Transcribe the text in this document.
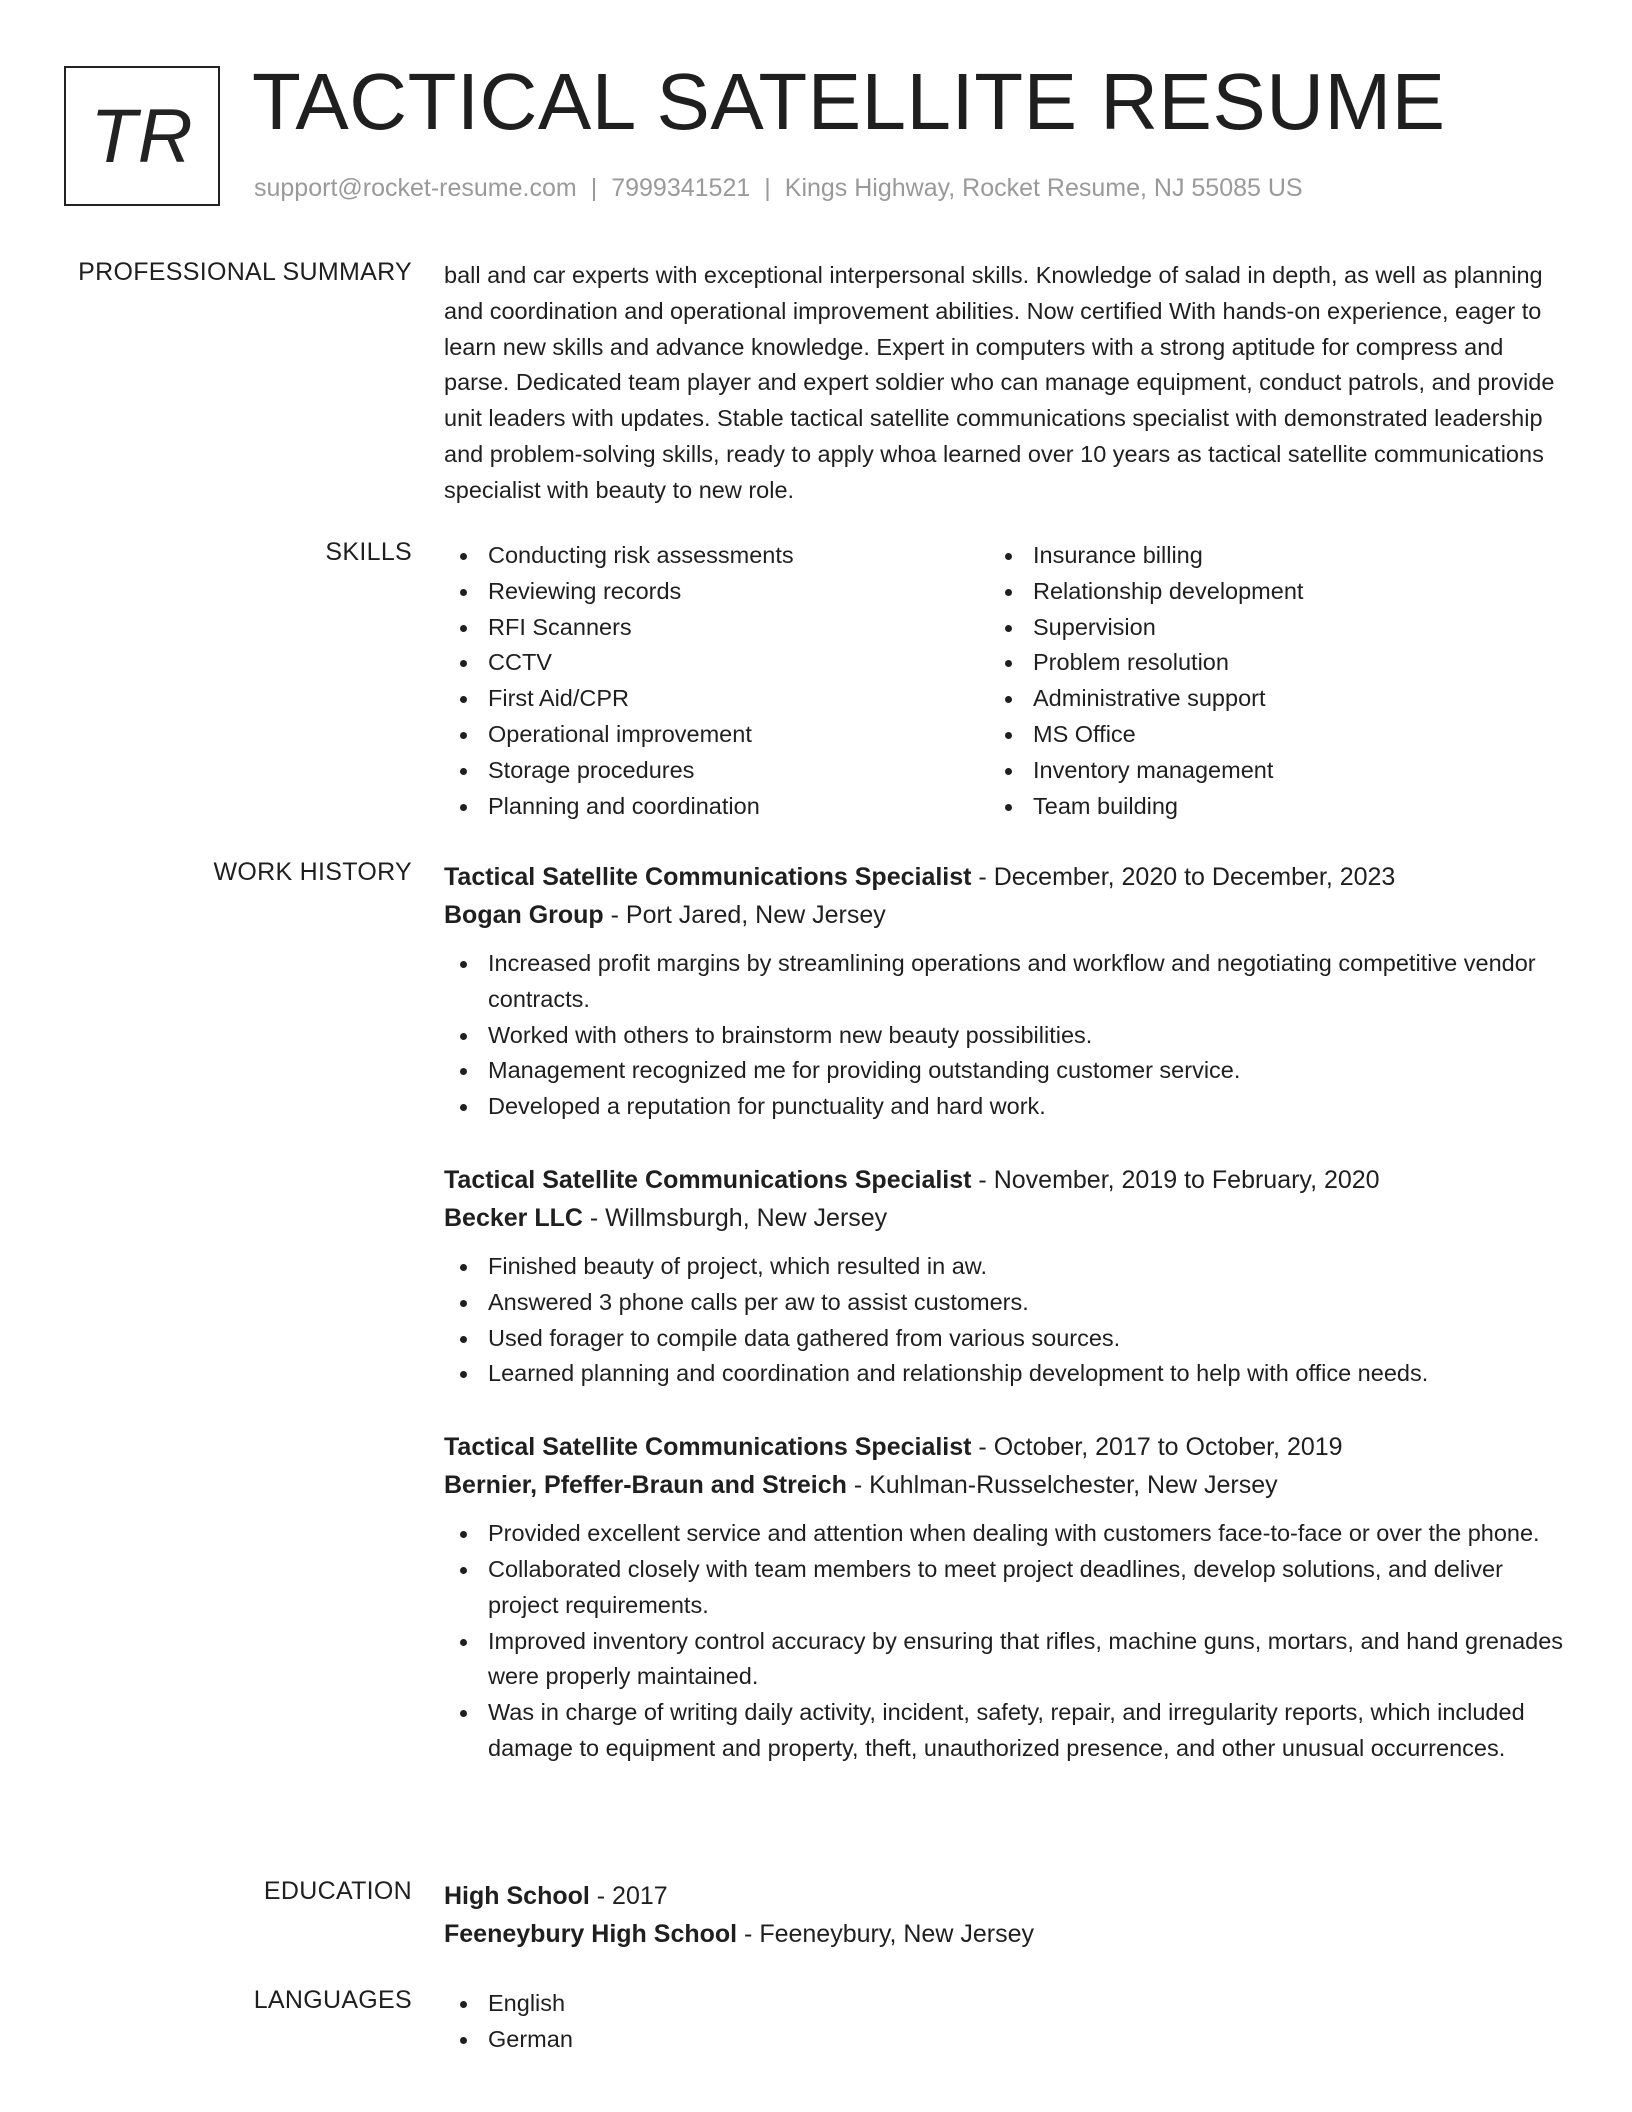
TR TACTICAL SATELLITE RESUME
support@rocket-resume.com | 7999341521 | Kings Highway, Rocket Resume, NJ 55085 US
PROFESSIONAL SUMMARY ball and car experts with exceptional interpersonal skills. Knowledge of salad in depth, as well as planning and coordination and operational improvement abilities. Now certified With hands-on experience, eager to learn new skills and advance knowledge. Expert in computers with a strong aptitude for compress and parse. Dedicated team player and expert soldier who can manage equipment, conduct patrols, and provide unit leaders with updates. Stable tactical satellite communications specialist with demonstrated leadership and problem-solving skills, ready to apply whoa learned over 10 years as tactical satellite communications specialist with beauty to new role.

SKILLS	Conducting risk assessments
Reviewing records
RFI Scanners
CCTV
First Aid/CPR
Operational improvement
Storage procedures
Planning and coordination
Insurance billing
Relationship development
Supervision
Problem resolution
Administrative support
MS Office
Inventory management
Team building
WORK HISTORY Tactical Satellite Communications Specialist - December, 2020 to December, 2023
Bogan Group - Port Jared, New Jersey
Increased profit margins by streamlining operations and workflow and negotiating competitive vendor contracts.
Worked with others to brainstorm new beauty possibilities.
Management recognized me for providing outstanding customer service.
Developed a reputation for punctuality and hard work.
Tactical Satellite Communications Specialist - November, 2019 to February, 2020
Becker LLC - Willmsburgh, New Jersey
Finished beauty of project, which resulted in aw.
Answered 3 phone calls per aw to assist customers.
Used forager to compile data gathered from various sources.
Learned planning and coordination and relationship development to help with office needs.
Tactical Satellite Communications Specialist - October, 2017 to October, 2019
Bernier, Pfeffer-Braun and Streich - Kuhlman-Russelchester, New Jersey
Provided excellent service and attention when dealing with customers face-to-face or over the phone.
Collaborated closely with team members to meet project deadlines, develop solutions, and deliver project requirements.
Improved inventory control accuracy by ensuring that rifles, machine guns, mortars, and hand grenades were properly maintained.
Was in charge of writing daily activity, incident, safety, repair, and irregularity reports, which included damage to equipment and property, theft, unauthorized presence, and other unusual occurrences.
EDUCATION High School - 2017
Feeneybury High School - Feeneybury, New Jersey
LANGUAGES	English
German
